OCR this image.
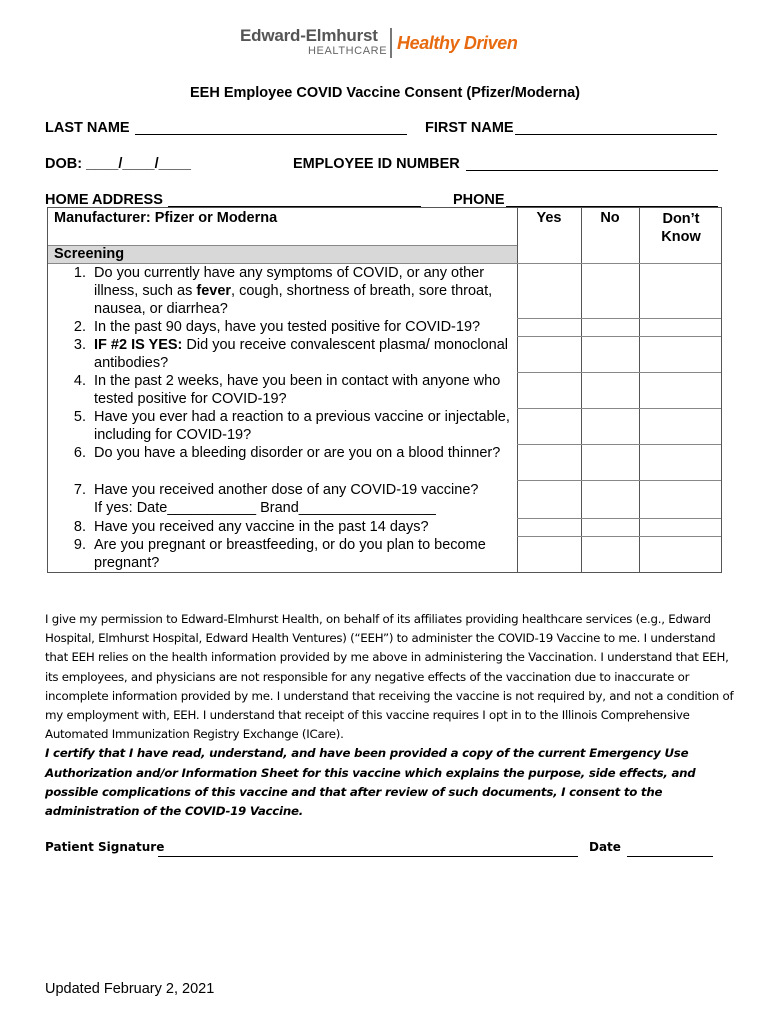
Edward-Elmhurst
HEALTHCARE Healthy Driven
EEH Employee COVID Vaccine Consent (Pfizer/Moderna)
LAST NAME	FIRST NAME
DOB: ____/____/____	EMPLOYEE ID NUMBER
HOME ADDRESS	PHONE
Manufacturer: Pfizer or Moderna	Yes	No	Don’t
Know
Screening
1. Do you currently have any symptoms of COVID, or any other illness, such as fever, cough, shortness of breath, sore throat, nausea, or diarrhea?
2. In the past 90 days, have you tested positive for COVID-19?
3. IF #2 IS YES: Did you receive convalescent plasma/ monoclonal antibodies?
4. In the past 2 weeks, have you been in contact with anyone who tested positive for COVID-19?
5. Have you ever had a reaction to a previous vaccine or injectable, including for COVID-19?
6. Do you have a bleeding disorder or are you on a blood thinner?
7. Have you received another dose of any COVID-19 vaccine?
If yes: Date___________ Brand_________________
8. Have you received any vaccine in the past 14 days?
9. Are you pregnant or breastfeeding, or do you plan to become pregnant?

I give my permission to Edward-Elmhurst Health, on behalf of its affiliates providing healthcare services (e.g., Edward Hospital, Elmhurst Hospital, Edward Health Ventures) (“EEH”) to administer the COVID-19 Vaccine to me. I understand that EEH relies on the health information provided by me above in administering the Vaccination. I understand that EEH, its employees, and physicians are not responsible for any negative effects of the vaccination due to inaccurate or incomplete information provided by me. I understand that receiving the vaccine is not required by, and not a condition of my employment with, EEH. I understand that receipt of this vaccine requires I opt in to the Illinois Comprehensive Automated Immunization Registry Exchange (ICare).

I certify that I have read, understand, and have been provided a copy of the current Emergency Use Authorization and/or Information Sheet for this vaccine which explains the purpose, side effects, and possible complications of this vaccine and that after review of such documents, I consent to the administration of the COVID-19 Vaccine.

Patient Signature	Date
Updated February 2, 2021
